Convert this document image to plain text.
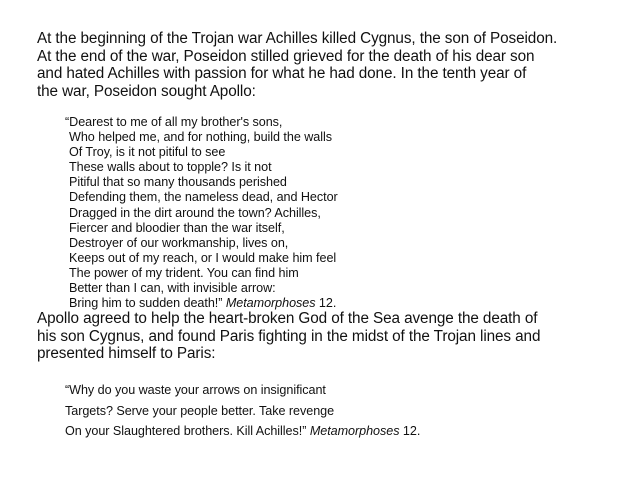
At the beginning of the Trojan war Achilles killed Cygnus, the son of Poseidon.
At the end of the war, Poseidon stilled grieved for the death of his dear son
and hated Achilles with passion for what he had done. In the tenth year of
the war, Poseidon sought Apollo:

“Dearest to me of all my brother's sons,
Who helped me, and for nothing, build the walls
Of Troy, is it not pitiful to see
These walls about to topple? Is it not
Pitiful that so many thousands perished
Defending them, the nameless dead, and Hector
Dragged in the dirt around the town? Achilles,
Fiercer and bloodier than the war itself,
Destroyer of our workmanship, lives on,
Keeps out of my reach, or I would make him feel
The power of my trident. You can find him
Better than I can, with invisible arrow:
Bring him to sudden death!” Metamorphoses 12.

Apollo agreed to help the heart-broken God of the Sea avenge the death of
his son Cygnus, and found Paris fighting in the midst of the Trojan lines and
presented himself to Paris:

“Why do you waste your arrows on insignificant
Targets? Serve your people better. Take revenge
On your Slaughtered brothers. Kill Achilles!” Metamorphoses 12.
